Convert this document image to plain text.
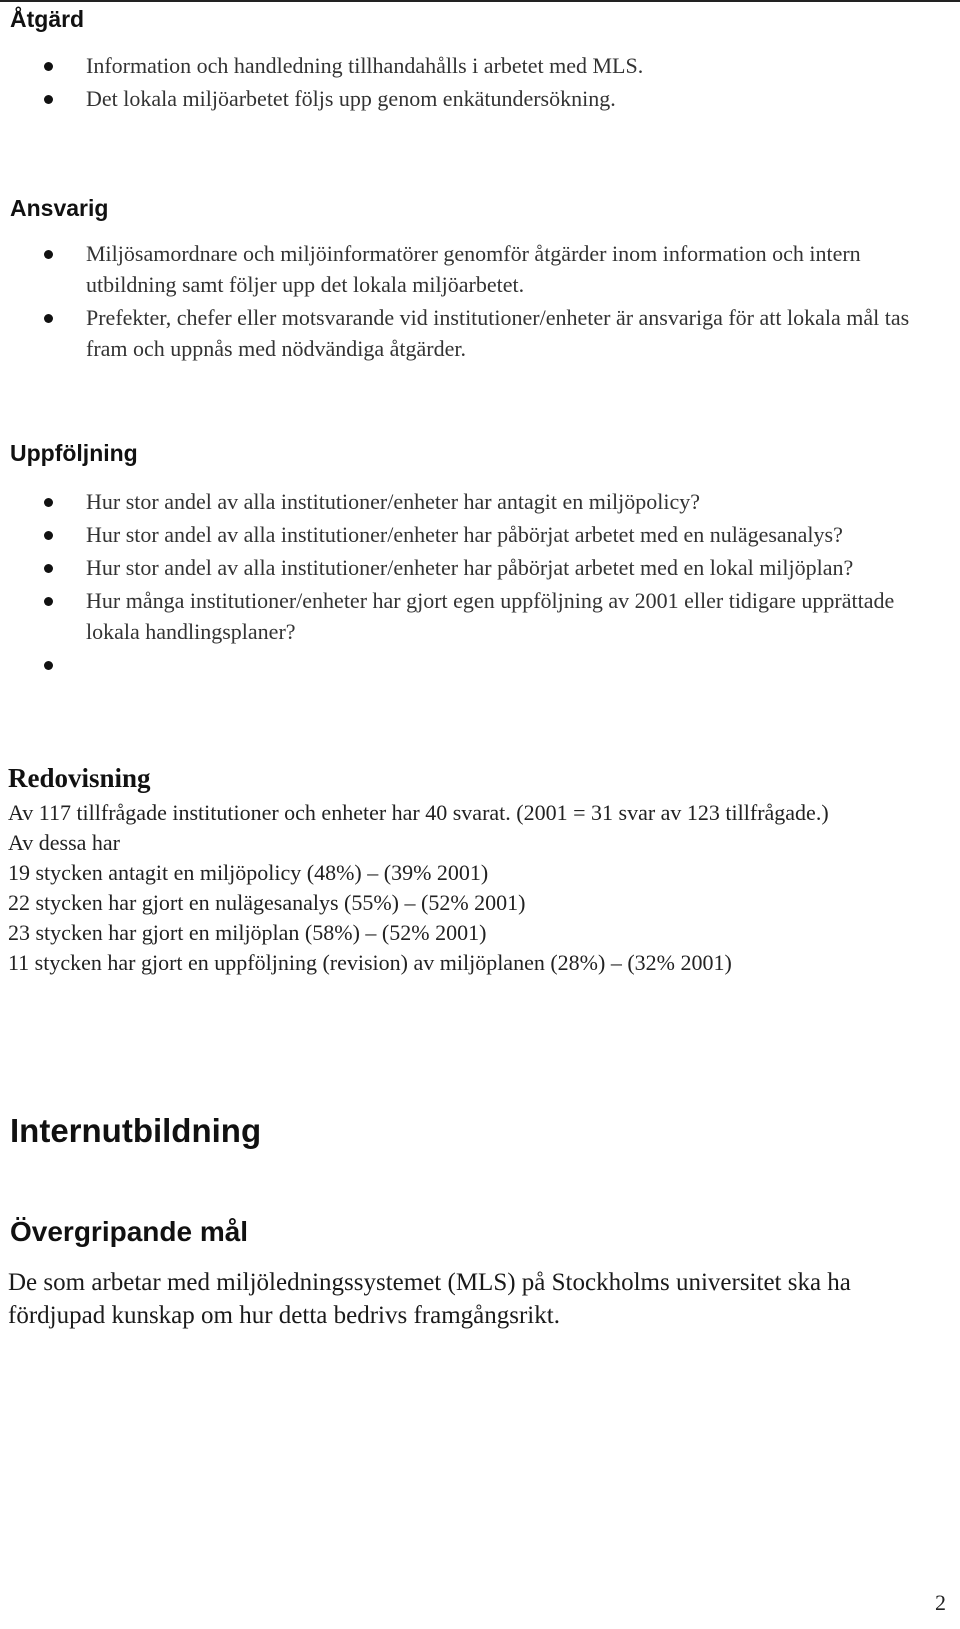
Åtgärd
Information och handledning tillhandahålls i arbetet med MLS.
Det lokala miljöarbetet följs upp genom enkätundersökning.
Ansvarig
Miljösamordnare och miljöinformatörer genomför åtgärder inom information och intern utbildning samt följer upp det lokala miljöarbetet.
Prefekter, chefer eller motsvarande vid institutioner/enheter är ansvariga för att lokala mål tas fram och uppnås med nödvändiga åtgärder.
Uppföljning
Hur stor andel av alla institutioner/enheter har antagit en miljöpolicy?
Hur stor andel av alla institutioner/enheter har påbörjat arbetet med en nulägesanalys?
Hur stor andel av alla institutioner/enheter har påbörjat arbetet med en lokal miljöplan?
Hur många institutioner/enheter har gjort egen uppföljning av 2001 eller tidigare upprättade lokala handlingsplaner?
Redovisning
Av 117 tillfrågade institutioner och enheter har 40 svarat. (2001 = 31 svar av 123 tillfrågade.)
Av dessa har
19 stycken antagit en miljöpolicy (48%) – (39% 2001)
22 stycken har gjort en nulägesanalys (55%) – (52% 2001)
23 stycken har gjort en miljöplan (58%) – (52% 2001)
11 stycken har gjort en uppföljning (revision) av miljöplanen (28%) – (32% 2001)
Internutbildning
Övergripande mål

De som arbetar med miljöledningssystemet (MLS) på Stockholms universitet ska ha fördjupad kunskap om hur detta bedrivs framgångsrikt.

2
